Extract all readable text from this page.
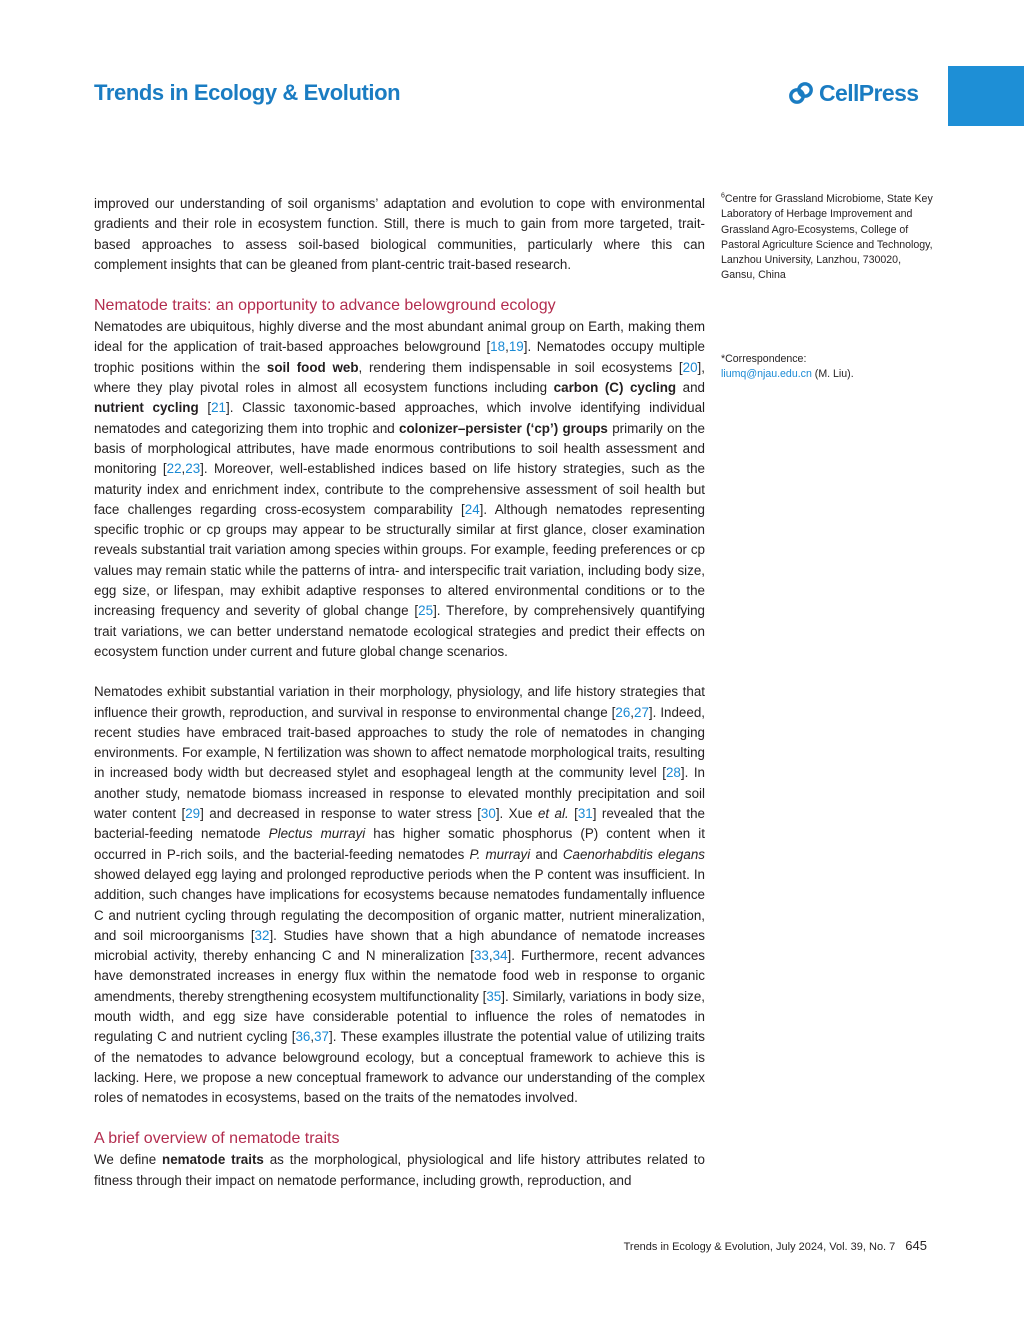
Trends in Ecology & Evolution	CellPress

improved our understanding of soil organisms’ adaptation and evolution to cope with environmental gradients and their role in ecosystem function. Still, there is much to gain from more targeted, trait-based approaches to assess soil-based biological communities, particularly where this can complement insights that can be gleaned from plant-centric trait-based research.

Nematode traits: an opportunity to advance belowground ecology

Nematodes are ubiquitous, highly diverse and the most abundant animal group on Earth, making them ideal for the application of trait-based approaches belowground [18,19]. Nematodes occupy multiple trophic positions within the soil food web, rendering them indispensable in soil ecosystems [20], where they play pivotal roles in almost all ecosystem functions including carbon (C) cycling and nutrient cycling [21]. Classic taxonomic-based approaches, which involve identifying individual nematodes and categorizing them into trophic and colonizer–persister (‘cp’) groups primarily on the basis of morphological attributes, have made enormous contributions to soil health assessment and monitoring [22,23]. Moreover, well-established indices based on life history strategies, such as the maturity index and enrichment index, contribute to the comprehensive assessment of soil health but face challenges regarding cross-ecosystem comparability [24]. Although nematodes representing specific trophic or cp groups may appear to be structurally similar at first glance, closer examination reveals substantial trait variation among species within groups. For example, feeding preferences or cp values may remain static while the patterns of intra- and interspecific trait variation, including body size, egg size, or lifespan, may exhibit adaptive responses to altered environmental conditions or to the increasing frequency and severity of global change [25]. Therefore, by comprehensively quantifying trait variations, we can better understand nematode ecological strategies and predict their effects on ecosystem function under current and future global change scenarios.

Nematodes exhibit substantial variation in their morphology, physiology, and life history strategies that influence their growth, reproduction, and survival in response to environmental change [26,27]. Indeed, recent studies have embraced trait-based approaches to study the role of nematodes in changing environments. For example, N fertilization was shown to affect nematode morphological traits, resulting in increased body width but decreased stylet and esophageal length at the community level [28]. In another study, nematode biomass increased in response to elevated monthly precipitation and soil water content [29] and decreased in response to water stress [30]. Xue et al. [31] revealed that the bacterial-feeding nematode Plectus murrayi has higher somatic phosphorus (P) content when it occurred in P-rich soils, and the bacterial-feeding nematodes P. murrayi and Caenorhabditis elegans showed delayed egg laying and prolonged reproductive periods when the P content was insufficient. In addition, such changes have implications for ecosystems because nematodes fundamentally influence C and nutrient cycling through regulating the decomposition of organic matter, nutrient mineralization, and soil microorganisms [32]. Studies have shown that a high abundance of nematode increases microbial activity, thereby enhancing C and N mineralization [33,34]. Furthermore, recent advances have demonstrated increases in energy flux within the nematode food web in response to organic amendments, thereby strengthening ecosystem multifunctionality [35]. Similarly, variations in body size, mouth width, and egg size have considerable potential to influence the roles of nematodes in regulating C and nutrient cycling [36,37]. These examples illustrate the potential value of utilizing traits of the nematodes to advance belowground ecology, but a conceptual framework to achieve this is lacking. Here, we propose a new conceptual framework to advance our understanding of the complex roles of nematodes in ecosystems, based on the traits of the nematodes involved.

A brief overview of nematode traits

We define nematode traits as the morphological, physiological and life history attributes related to fitness through their impact on nematode performance, including growth, reproduction, and

$^6$Centre for Grassland Microbiome, State Key Laboratory of Herbage Improvement and Grassland Agro-Ecosystems, College of Pastoral Agriculture Science and Technology, Lanzhou University, Lanzhou, 730020, Gansu, China
*Correspondence:
liumq@njau.edu.cn (M. Liu).
Trends in Ecology & Evolution, July 2024, Vol. 39, No. 7 645
